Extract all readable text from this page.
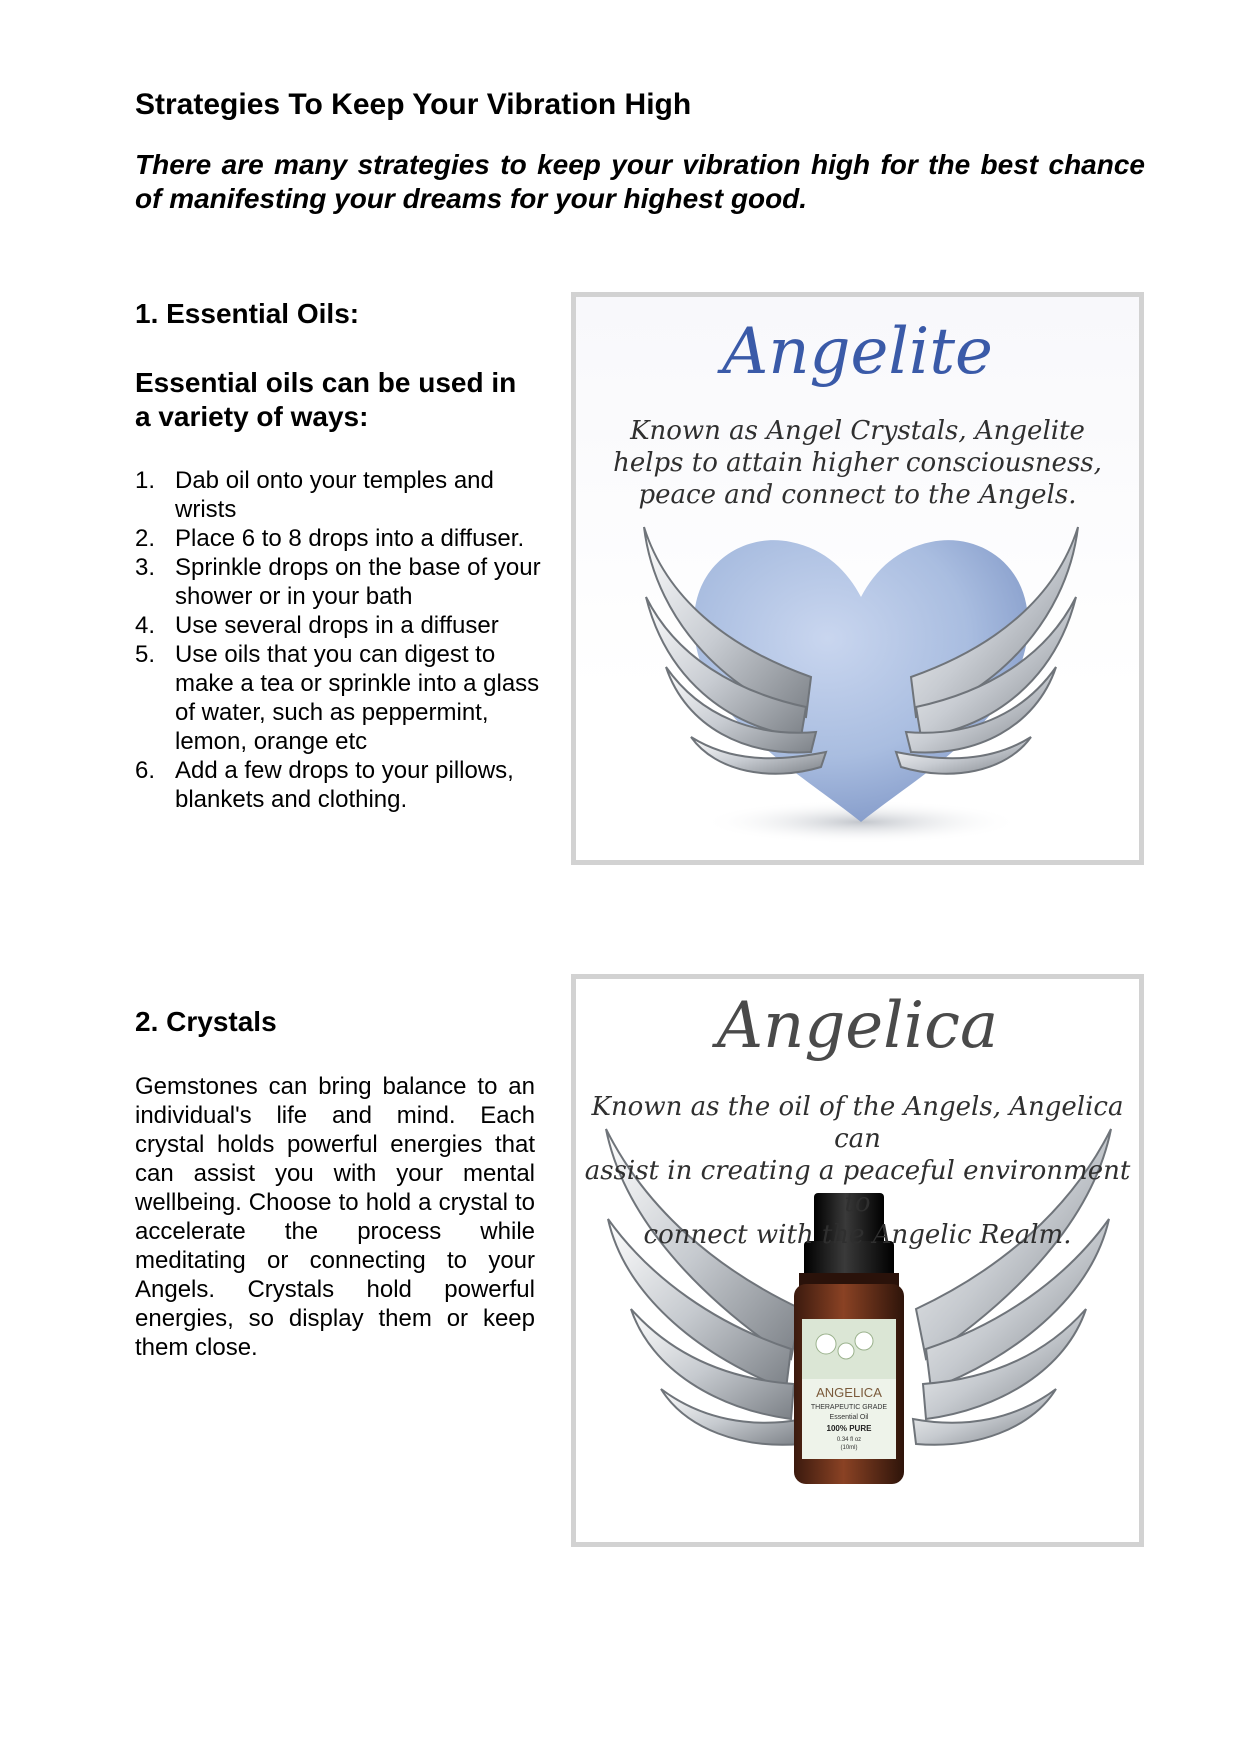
Strategies To Keep Your Vibration High

There are many strategies to keep your vibration high for the best chance of manifesting your dreams for your highest good.

1. Essential Oils:
Essential oils can be used in a variety of ways:
1. Dab oil onto your temples and wrists
2. Place 6 to 8 drops into a diffuser.
3. Sprinkle drops on the base of your shower or in your bath
4. Use several drops in a diffuser
5. Use oils that you can digest to make a tea or sprinkle into a glass of water, such as peppermint, lemon, orange etc
6. Add a few drops to your pillows, blankets and clothing.
2. Crystals

Gemstones can bring balance to an individual's life and mind. Each crystal holds powerful energies that can assist you with your mental wellbeing. Choose to hold a crystal to accelerate the process while meditating or connecting to your Angels. Crystals hold powerful energies, so display them or keep them close.

Angelite
Known as Angel Crystals, Angelite
helps to attain higher consciousness,
peace and connect to the Angels.
ANGELICA
THERAPEUTIC GRADE
Essential Oil
100% PURE
0.34 fl oz
(10ml)
Angelica
Known as the oil of the Angels, Angelica can
assist in creating a peaceful environment to
connect with the Angelic Realm.
